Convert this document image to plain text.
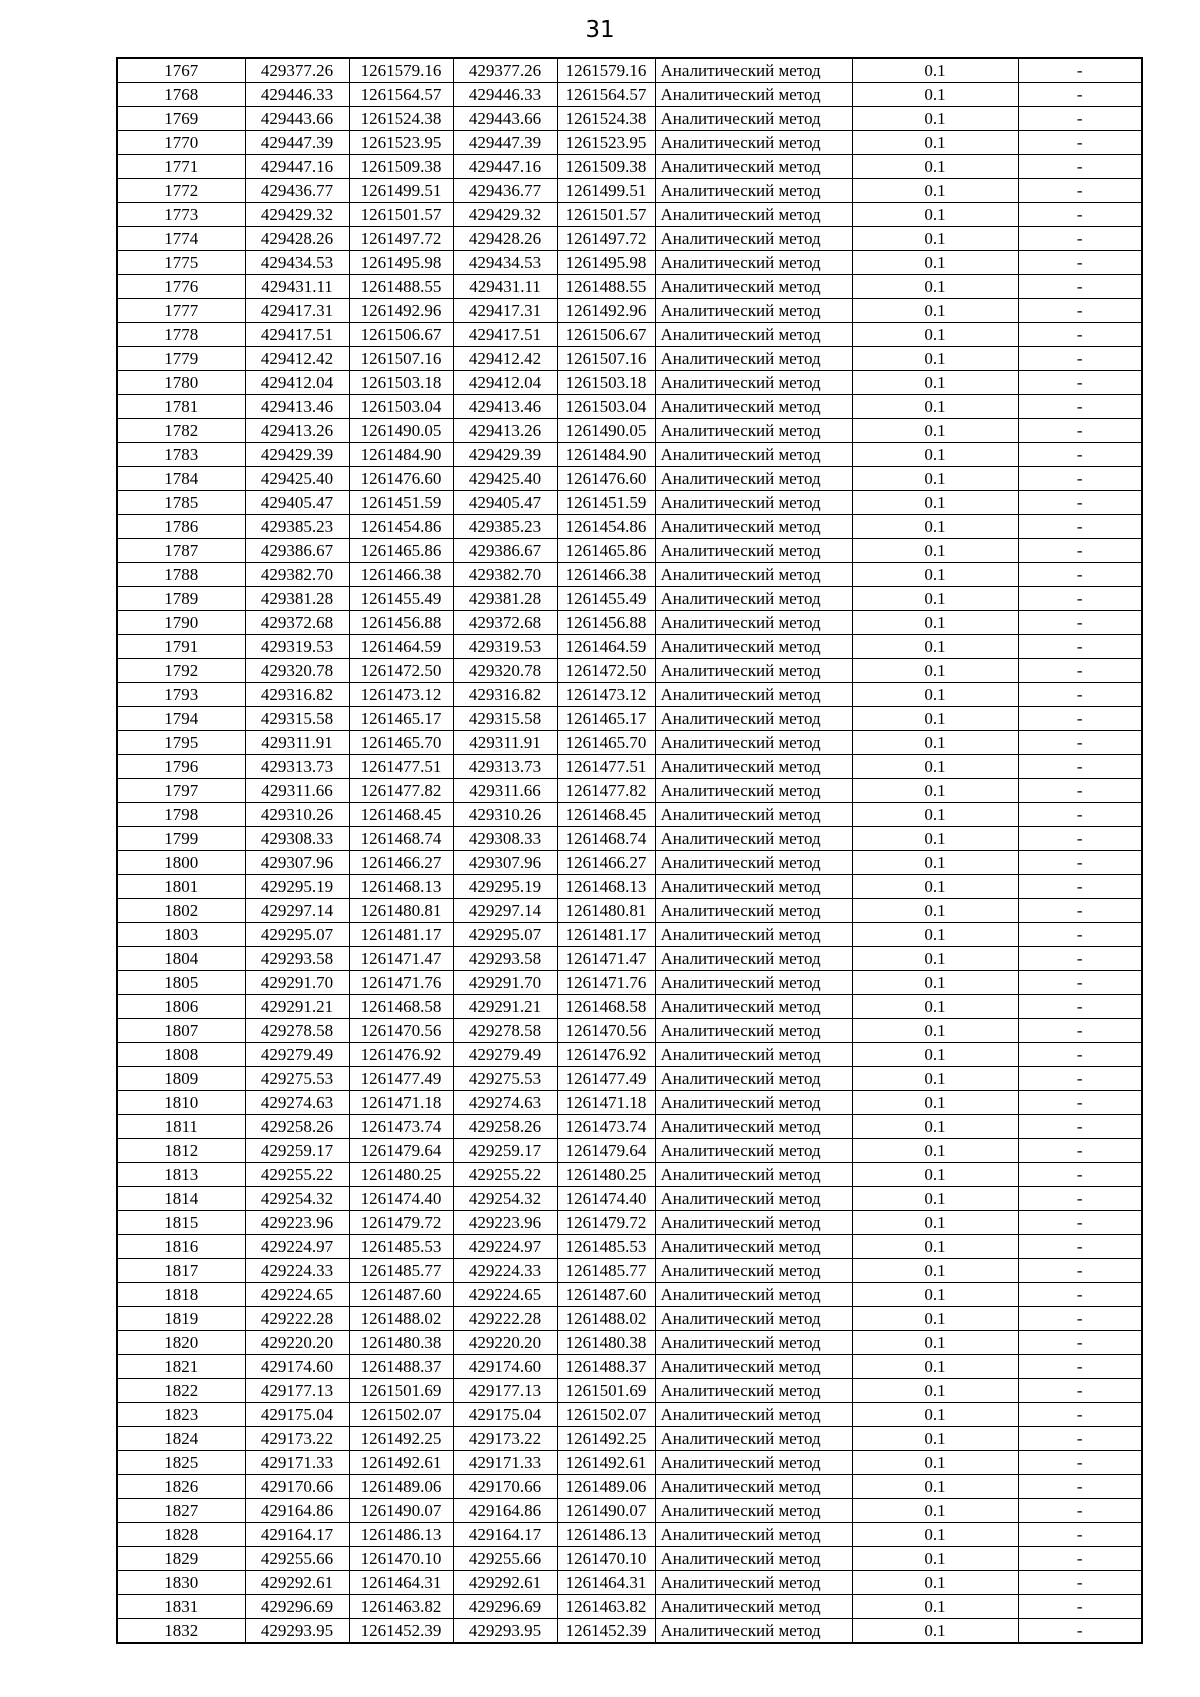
31
1767	429377.26	1261579.16	429377.26	1261579.16	Аналитический метод	0.1	-
1768	429446.33	1261564.57	429446.33	1261564.57	Аналитический метод	0.1	-
1769	429443.66	1261524.38	429443.66	1261524.38	Аналитический метод	0.1	-
1770	429447.39	1261523.95	429447.39	1261523.95	Аналитический метод	0.1	-
1771	429447.16	1261509.38	429447.16	1261509.38	Аналитический метод	0.1	-
1772	429436.77	1261499.51	429436.77	1261499.51	Аналитический метод	0.1	-
1773	429429.32	1261501.57	429429.32	1261501.57	Аналитический метод	0.1	-
1774	429428.26	1261497.72	429428.26	1261497.72	Аналитический метод	0.1	-
1775	429434.53	1261495.98	429434.53	1261495.98	Аналитический метод	0.1	-
1776	429431.11	1261488.55	429431.11	1261488.55	Аналитический метод	0.1	-
1777	429417.31	1261492.96	429417.31	1261492.96	Аналитический метод	0.1	-
1778	429417.51	1261506.67	429417.51	1261506.67	Аналитический метод	0.1	-
1779	429412.42	1261507.16	429412.42	1261507.16	Аналитический метод	0.1	-
1780	429412.04	1261503.18	429412.04	1261503.18	Аналитический метод	0.1	-
1781	429413.46	1261503.04	429413.46	1261503.04	Аналитический метод	0.1	-
1782	429413.26	1261490.05	429413.26	1261490.05	Аналитический метод	0.1	-
1783	429429.39	1261484.90	429429.39	1261484.90	Аналитический метод	0.1	-
1784	429425.40	1261476.60	429425.40	1261476.60	Аналитический метод	0.1	-
1785	429405.47	1261451.59	429405.47	1261451.59	Аналитический метод	0.1	-
1786	429385.23	1261454.86	429385.23	1261454.86	Аналитический метод	0.1	-
1787	429386.67	1261465.86	429386.67	1261465.86	Аналитический метод	0.1	-
1788	429382.70	1261466.38	429382.70	1261466.38	Аналитический метод	0.1	-
1789	429381.28	1261455.49	429381.28	1261455.49	Аналитический метод	0.1	-
1790	429372.68	1261456.88	429372.68	1261456.88	Аналитический метод	0.1	-
1791	429319.53	1261464.59	429319.53	1261464.59	Аналитический метод	0.1	-
1792	429320.78	1261472.50	429320.78	1261472.50	Аналитический метод	0.1	-
1793	429316.82	1261473.12	429316.82	1261473.12	Аналитический метод	0.1	-
1794	429315.58	1261465.17	429315.58	1261465.17	Аналитический метод	0.1	-
1795	429311.91	1261465.70	429311.91	1261465.70	Аналитический метод	0.1	-
1796	429313.73	1261477.51	429313.73	1261477.51	Аналитический метод	0.1	-
1797	429311.66	1261477.82	429311.66	1261477.82	Аналитический метод	0.1	-
1798	429310.26	1261468.45	429310.26	1261468.45	Аналитический метод	0.1	-
1799	429308.33	1261468.74	429308.33	1261468.74	Аналитический метод	0.1	-
1800	429307.96	1261466.27	429307.96	1261466.27	Аналитический метод	0.1	-
1801	429295.19	1261468.13	429295.19	1261468.13	Аналитический метод	0.1	-
1802	429297.14	1261480.81	429297.14	1261480.81	Аналитический метод	0.1	-
1803	429295.07	1261481.17	429295.07	1261481.17	Аналитический метод	0.1	-
1804	429293.58	1261471.47	429293.58	1261471.47	Аналитический метод	0.1	-
1805	429291.70	1261471.76	429291.70	1261471.76	Аналитический метод	0.1	-
1806	429291.21	1261468.58	429291.21	1261468.58	Аналитический метод	0.1	-
1807	429278.58	1261470.56	429278.58	1261470.56	Аналитический метод	0.1	-
1808	429279.49	1261476.92	429279.49	1261476.92	Аналитический метод	0.1	-
1809	429275.53	1261477.49	429275.53	1261477.49	Аналитический метод	0.1	-
1810	429274.63	1261471.18	429274.63	1261471.18	Аналитический метод	0.1	-
1811	429258.26	1261473.74	429258.26	1261473.74	Аналитический метод	0.1	-
1812	429259.17	1261479.64	429259.17	1261479.64	Аналитический метод	0.1	-
1813	429255.22	1261480.25	429255.22	1261480.25	Аналитический метод	0.1	-
1814	429254.32	1261474.40	429254.32	1261474.40	Аналитический метод	0.1	-
1815	429223.96	1261479.72	429223.96	1261479.72	Аналитический метод	0.1	-
1816	429224.97	1261485.53	429224.97	1261485.53	Аналитический метод	0.1	-
1817	429224.33	1261485.77	429224.33	1261485.77	Аналитический метод	0.1	-
1818	429224.65	1261487.60	429224.65	1261487.60	Аналитический метод	0.1	-
1819	429222.28	1261488.02	429222.28	1261488.02	Аналитический метод	0.1	-
1820	429220.20	1261480.38	429220.20	1261480.38	Аналитический метод	0.1	-
1821	429174.60	1261488.37	429174.60	1261488.37	Аналитический метод	0.1	-
1822	429177.13	1261501.69	429177.13	1261501.69	Аналитический метод	0.1	-
1823	429175.04	1261502.07	429175.04	1261502.07	Аналитический метод	0.1	-
1824	429173.22	1261492.25	429173.22	1261492.25	Аналитический метод	0.1	-
1825	429171.33	1261492.61	429171.33	1261492.61	Аналитический метод	0.1	-
1826	429170.66	1261489.06	429170.66	1261489.06	Аналитический метод	0.1	-
1827	429164.86	1261490.07	429164.86	1261490.07	Аналитический метод	0.1	-
1828	429164.17	1261486.13	429164.17	1261486.13	Аналитический метод	0.1	-
1829	429255.66	1261470.10	429255.66	1261470.10	Аналитический метод	0.1	-
1830	429292.61	1261464.31	429292.61	1261464.31	Аналитический метод	0.1	-
1831	429296.69	1261463.82	429296.69	1261463.82	Аналитический метод	0.1	-
1832	429293.95	1261452.39	429293.95	1261452.39	Аналитический метод	0.1	-
